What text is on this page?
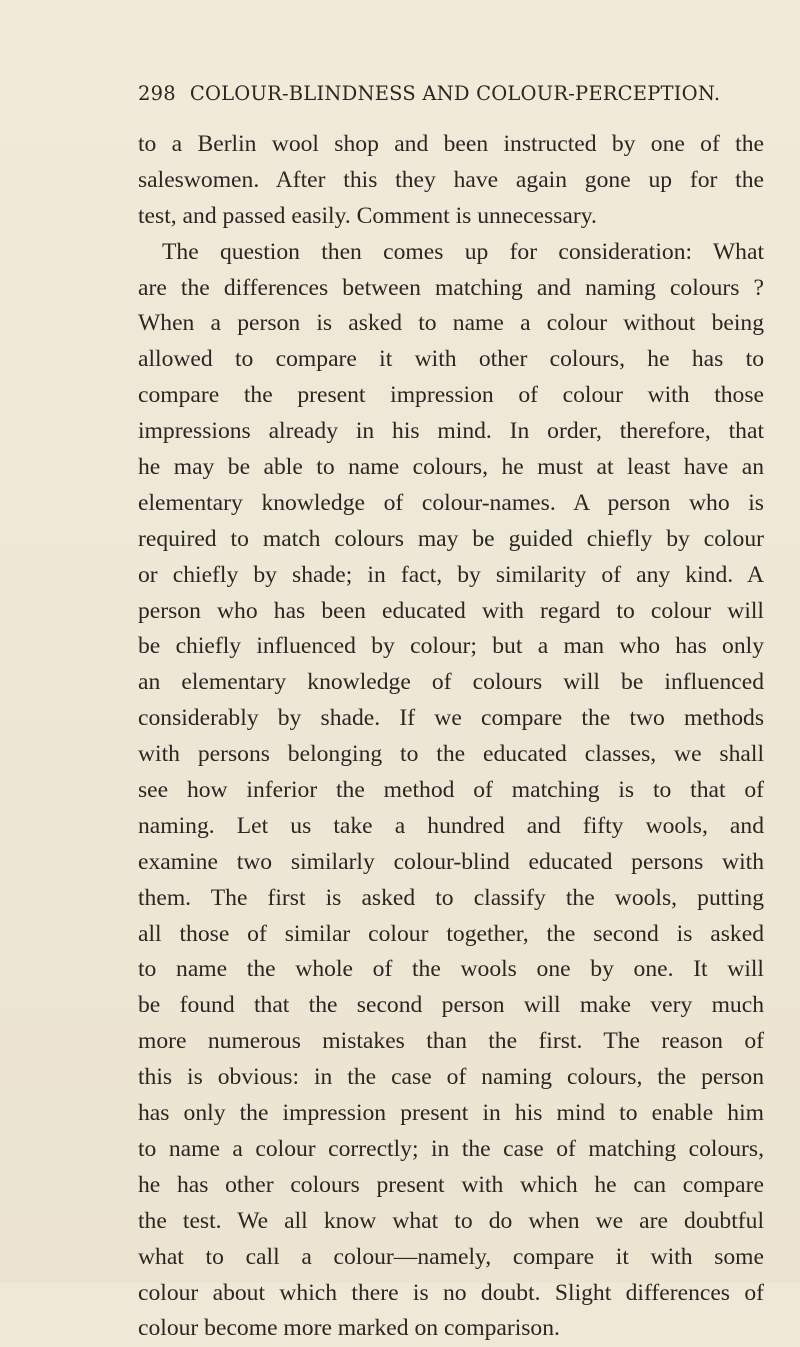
298 COLOUR-BLINDNESS AND COLOUR-PERCEPTION.
to a Berlin wool shop and been instructed by one of the
saleswomen. After this they have again gone up for the
test, and passed easily. Comment is unnecessary.
The question then comes up for consideration: What
are the differences between matching and naming colours ?
When a person is asked to name a colour without being
allowed to compare it with other colours, he has to
compare the present impression of colour with those
impressions already in his mind. In order, therefore, that
he may be able to name colours, he must at least have an
elementary knowledge of colour-names. A person who is
required to match colours may be guided chiefly by colour
or chiefly by shade; in fact, by similarity of any kind. A
person who has been educated with regard to colour will
be chiefly influenced by colour; but a man who has only
an elementary knowledge of colours will be influenced
considerably by shade. If we compare the two methods
with persons belonging to the educated classes, we shall
see how inferior the method of matching is to that of
naming. Let us take a hundred and fifty wools, and
examine two similarly colour-blind educated persons with
them. The first is asked to classify the wools, putting
all those of similar colour together, the second is asked
to name the whole of the wools one by one. It will
be found that the second person will make very much
more numerous mistakes than the first. The reason of
this is obvious: in the case of naming colours, the person
has only the impression present in his mind to enable him
to name a colour correctly; in the case of matching colours,
he has other colours present with which he can compare
the test. We all know what to do when we are doubtful
what to call a colour—namely, compare it with some
colour about which there is no doubt. Slight differences of
colour become more marked on comparison.
